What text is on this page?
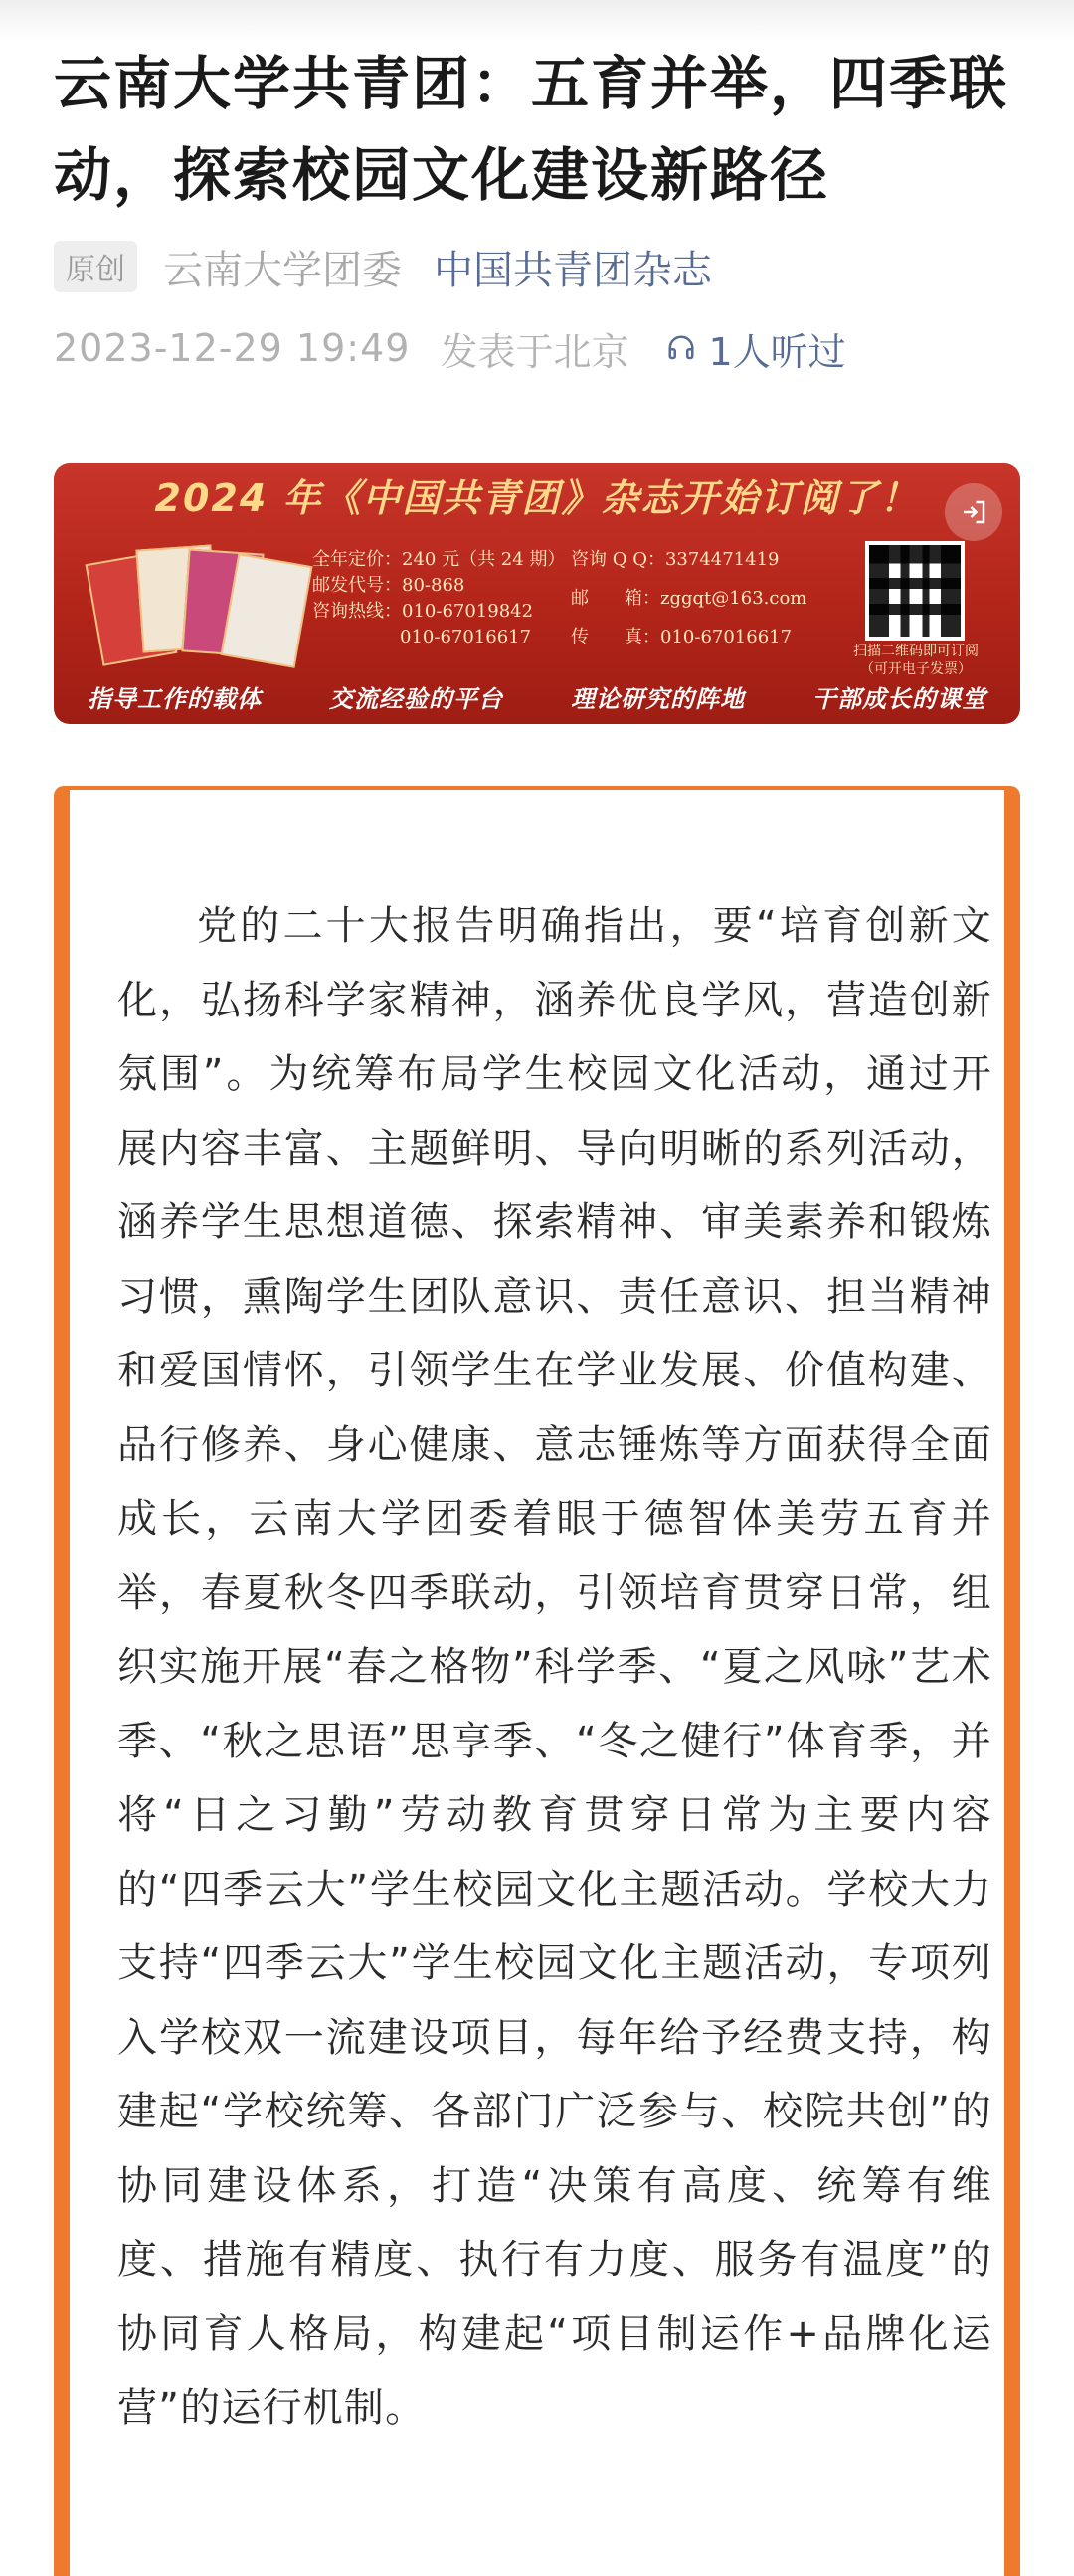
云南大学共青团：五育并举，四季联动，探索校园文化建设新路径
原创 云南大学团委 中国共青团杂志
2023-12-29 19:49 发表于北京 1人听过
2024 年《中国共青团》杂志开始订阅了！
全年定价：240 元（共 24 期）
邮发代号：80-868
咨询热线：010-67019842
010-67016617
咨询 Q Q：3374471419
邮　　箱：zggqt@163.com
传　　真：010-67016617
扫描二维码即可订阅（可开电子发票）
指导工作的载体	交流经验的平台	理论研究的阵地	干部成长的课堂

党的二十大报告明确指出，要“培育创新文化，弘扬科学家精神，涵养优良学风，营造创新氛围”。为统筹布局学生校园文化活动，通过开展内容丰富、主题鲜明、导向明晰的系列活动，涵养学生思想道德、探索精神、审美素养和锻炼习惯，熏陶学生团队意识、责任意识、担当精神和爱国情怀，引领学生在学业发展、价值构建、品行修养、身心健康、意志锤炼等方面获得全面成长，云南大学团委着眼于德智体美劳五育并举，春夏秋冬四季联动，引领培育贯穿日常，组织实施开展“春之格物”科学季、“夏之风咏”艺术季、“秋之思语”思享季、“冬之健行”体育季，并将“日之习勤”劳动教育贯穿日常为主要内容的“四季云大”学生校园文化主题活动。学校大力支持“四季云大”学生校园文化主题活动，专项列入学校双一流建设项目，每年给予经费支持，构建起“学校统筹、各部门广泛参与、校院共创”的协同建设体系，打造“决策有高度、统筹有维度、措施有精度、执行有力度、服务有温度”的协同育人格局，构建起“项目制运作+品牌化运营”的运行机制。
